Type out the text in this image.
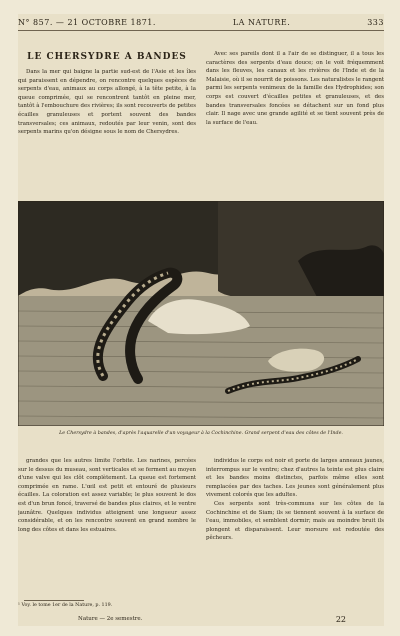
N° 857. — 21 OCTOBRE 1871.	LA NATURE.	333
LE CHERSYDRE A BANDES

Dans la mer qui baigne la partie sud-est de l'Asie et les îles qui paraissent en dépendre, on rencontre quelques espèces de serpents d'eau, animaux au corps allongé, à la tête petite, à la queue comprimée, qui se rencontrent tantôt en pleine mer, tantôt à l'embouchure des rivières; ils sont recouverts de petites écailles granuleuses et portent souvent des bandes transversales; ces animaux, redoutés par leur venin, sont des serpents marins qu'on désigne sous le nom de Chersydres.

Avec ses pareils dont il a l'air de se distinguer, il a tous les caractères des serpents d'eau douce; on le voit fréquemment dans les fleuves, les canaux et les rivières de l'Inde et de la Malaisie, où il se nourrit de poissons. Les naturalistes le rangent parmi les serpents venimeux de la famille des Hydrophides; son corps est couvert d'écailles petites et granuleuses, et des bandes transversales foncées se détachent sur un fond plus clair. Il nage avec une grande agilité et se tient souvent près de la surface de l'eau.

Le Chersydre à bandes, d'après l'aquarelle d'un voyageur à la Cochinchine. Grand serpent d'eau des côtes de l'Inde.

grandes que les autres limite l'orbite. Les narines, percées sur le dessus du museau, sont verticales et se ferment au moyen d'une valve qui les clôt complètement. La queue est fortement comprimée en rame. L'œil est petit et entouré de plusieurs écailles. La coloration est assez variable; le plus souvent le dos est d'un brun foncé, traversé de bandes plus claires, et le ventre jaunâtre. Quelques individus atteignent une longueur assez considérable, et on les rencontre souvent en grand nombre le long des côtes et dans les estuaires.

individus le corps est noir et porte de larges anneaux jaunes, interrompus sur le ventre; chez d'autres la teinte est plus claire et les bandes moins distinctes, parfois même elles sont remplacées par des taches. Les jeunes sont généralement plus vivement colorés que les adultes.

Ces serpents sont très-communs sur les côtes de la Cochinchine et de Siam; ils se tiennent souvent à la surface de l'eau, immobiles, et semblent dormir; mais au moindre bruit ils plongent et disparaissent. Leur morsure est redoutée des pêcheurs.

¹ Voy. le tome 1er de la Nature, p. 119.
Nature — 2e semestre.	22
